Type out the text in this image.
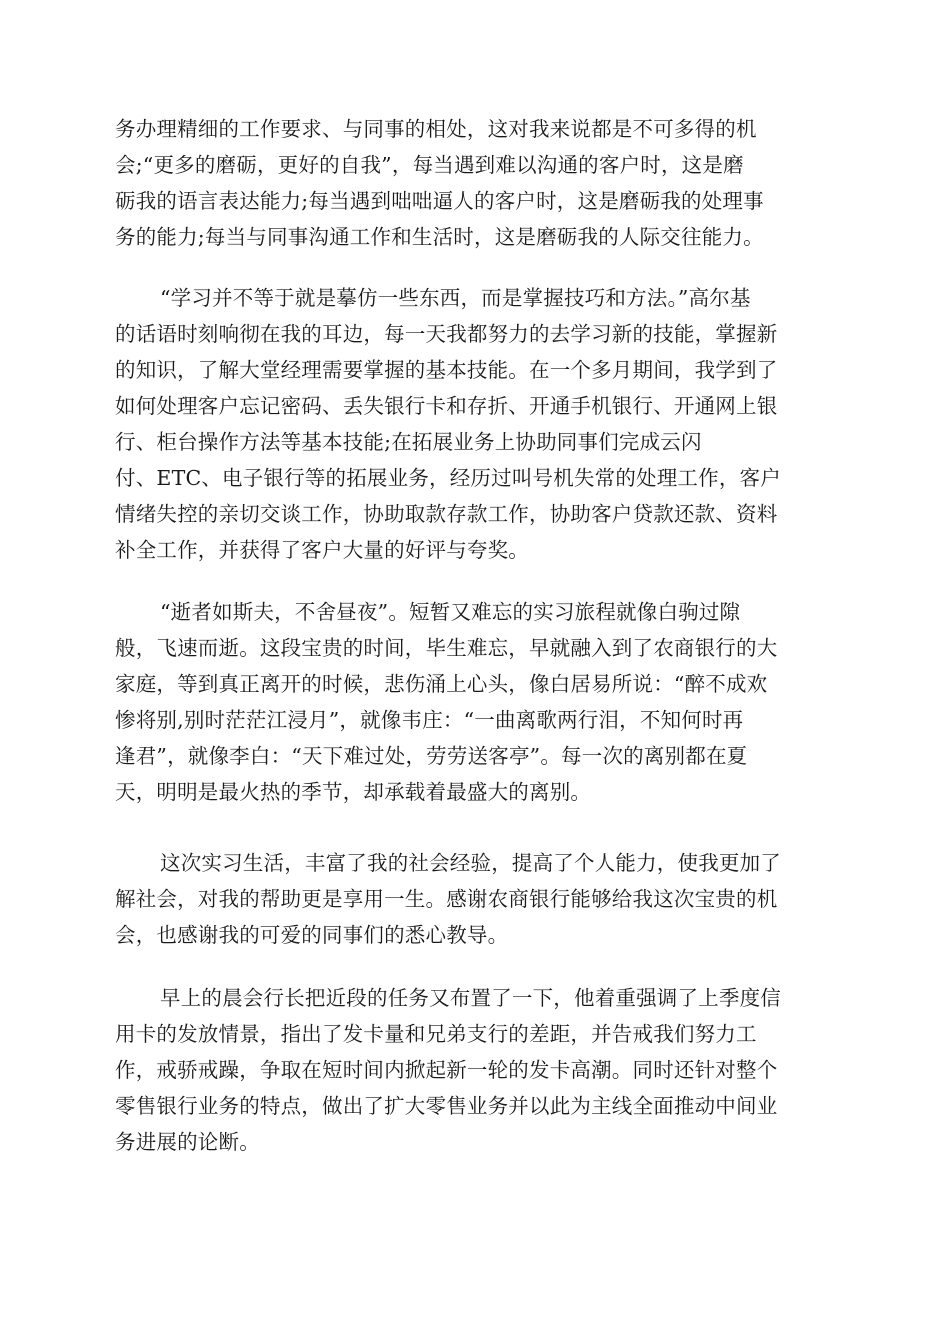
务办理精细的工作要求、与同事的相处，这对我来说都是不可多得的机
会;“更多的磨砺，更好的自我”，每当遇到难以沟通的客户时，这是磨
砺我的语言表达能力;每当遇到咄咄逼人的客户时，这是磨砺我的处理事
务的能力;每当与同事沟通工作和生活时，这是磨砺我的人际交往能力。
“学习并不等于就是摹仿一些东西，而是掌握技巧和方法。”高尔基
的话语时刻响彻在我的耳边，每一天我都努力的去学习新的技能，掌握新
的知识，了解大堂经理需要掌握的基本技能。在一个多月期间，我学到了
如何处理客户忘记密码、丢失银行卡和存折、开通手机银行、开通网上银
行、柜台操作方法等基本技能;在拓展业务上协助同事们完成云闪
付、ETC、电子银行等的拓展业务，经历过叫号机失常的处理工作，客户
情绪失控的亲切交谈工作，协助取款存款工作，协助客户贷款还款、资料
补全工作，并获得了客户大量的好评与夸奖。
“逝者如斯夫，不舍昼夜”。短暂又难忘的实习旅程就像白驹过隙
般，飞速而逝。这段宝贵的时间，毕生难忘，早就融入到了农商银行的大
家庭，等到真正离开的时候，悲伤涌上心头，像白居易所说：“醉不成欢
惨将别,别时茫茫江浸月”，就像韦庄：“一曲离歌两行泪，不知何时再
逢君”，就像李白：“天下难过处，劳劳送客亭”。每一次的离别都在夏
天，明明是最火热的季节，却承载着最盛大的离别。
这次实习生活，丰富了我的社会经验，提高了个人能力，使我更加了
解社会，对我的帮助更是享用一生。感谢农商银行能够给我这次宝贵的机
会，也感谢我的可爱的同事们的悉心教导。
早上的晨会行长把近段的任务又布置了一下，他着重强调了上季度信
用卡的发放情景，指出了发卡量和兄弟支行的差距，并告戒我们努力工
作，戒骄戒躁，争取在短时间内掀起新一轮的发卡高潮。同时还针对整个
零售银行业务的特点，做出了扩大零售业务并以此为主线全面推动中间业
务进展的论断。
